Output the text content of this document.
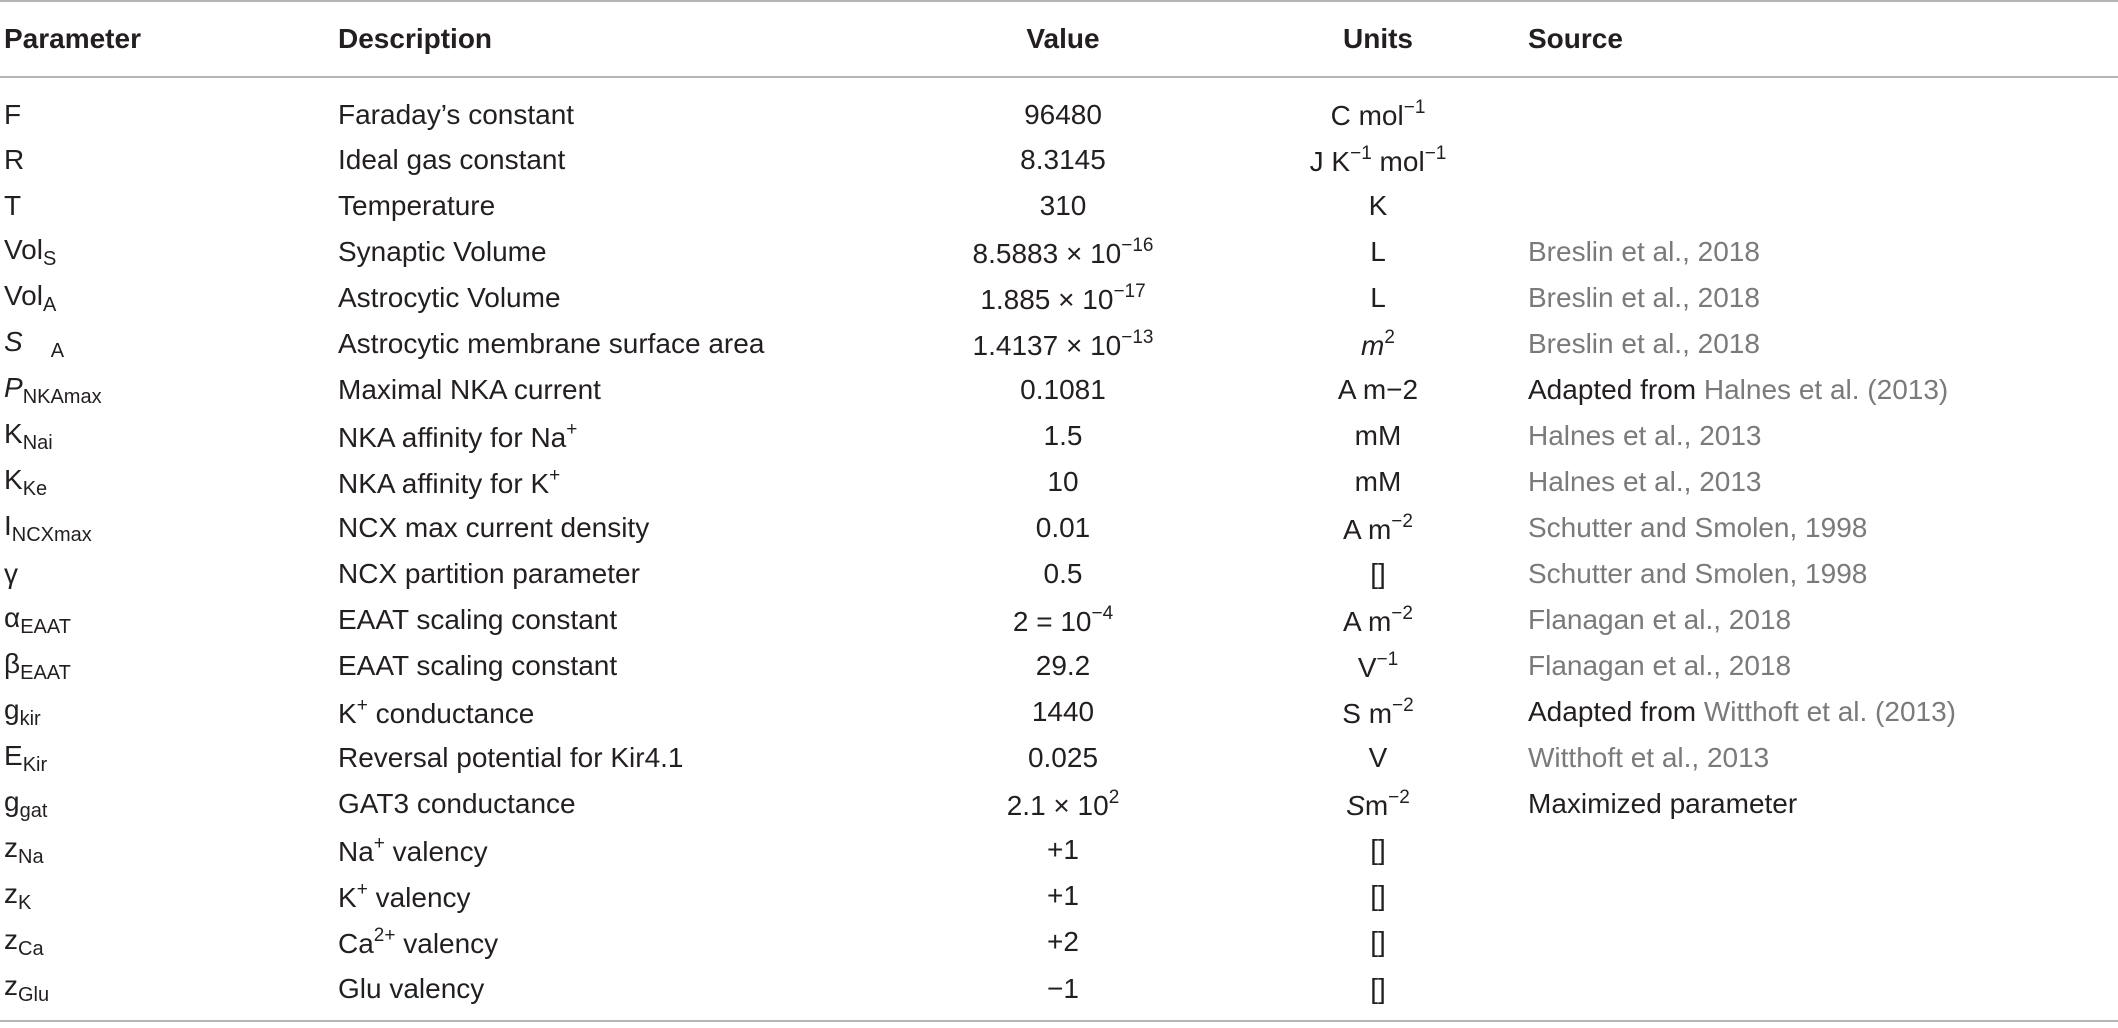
Parameter	Description	Value	Units	Source
F	Faraday’s constant	96480	C mol$^{-1}$	
R	Ideal gas constant	8.3145	J $K^{-1}$ mol$^{-1}$	
T	Temperature	310	K	
Vol$_S$	Synaptic Volume	$8.5883 \times 10^{-16}$	L	Breslin et al., 2018
Vol$_A$	Astrocytic Volume	$1.885 \times 10^{-17}$	L	Breslin et al., 2018
S $_A$	Astrocytic membrane surface area	$1.4137 \times 10^{-13}$	$m^2$	Breslin et al., 2018
$P_{NKAmax}$	Maximal NKA current	0.1081	A m−2	Adapted from Halnes et al. (2013)
$K_{Nai}$	NKA affinity for Na+	1.5	mM	Halnes et al., 2013
$K_{Ke}$	NKA affinity for K+	10	mM	Halnes et al., 2013
$I_{NCXmax}$	NCX max current density	0.01	A $m^{-2}$	Schutter and Smolen, 1998
γ	NCX partition parameter	0.5	[]	Schutter and Smolen, 1998
$\alpha_{EAAT}$	EAAT scaling constant	$2 = 10^{-4}$	A $m^{-2}$	Flanagan et al., 2018
$\beta_{EAAT}$	EAAT scaling constant	29.2	$V^{-1}$	Flanagan et al., 2018
$g_{kir}$	K+ conductance	1440	S $m^{-2}$	Adapted from Witthoft et al. (2013)
$E_{Kir}$	Reversal potential for Kir4.1	0.025	V	Witthoft et al., 2013
$g_{gat}$	GAT3 conductance	$2.1 \times 10^2$	$Sm^{-2}$	Maximized parameter
$z_{Na}$	Na+ valency	+1	[]	
$z_K$	K+ valency	+1	[]	
$z_{Ca}$	$Ca^{2+}$ valency	+2	[]	
$z_{Glu}$	Glu valency	−1	[]	
